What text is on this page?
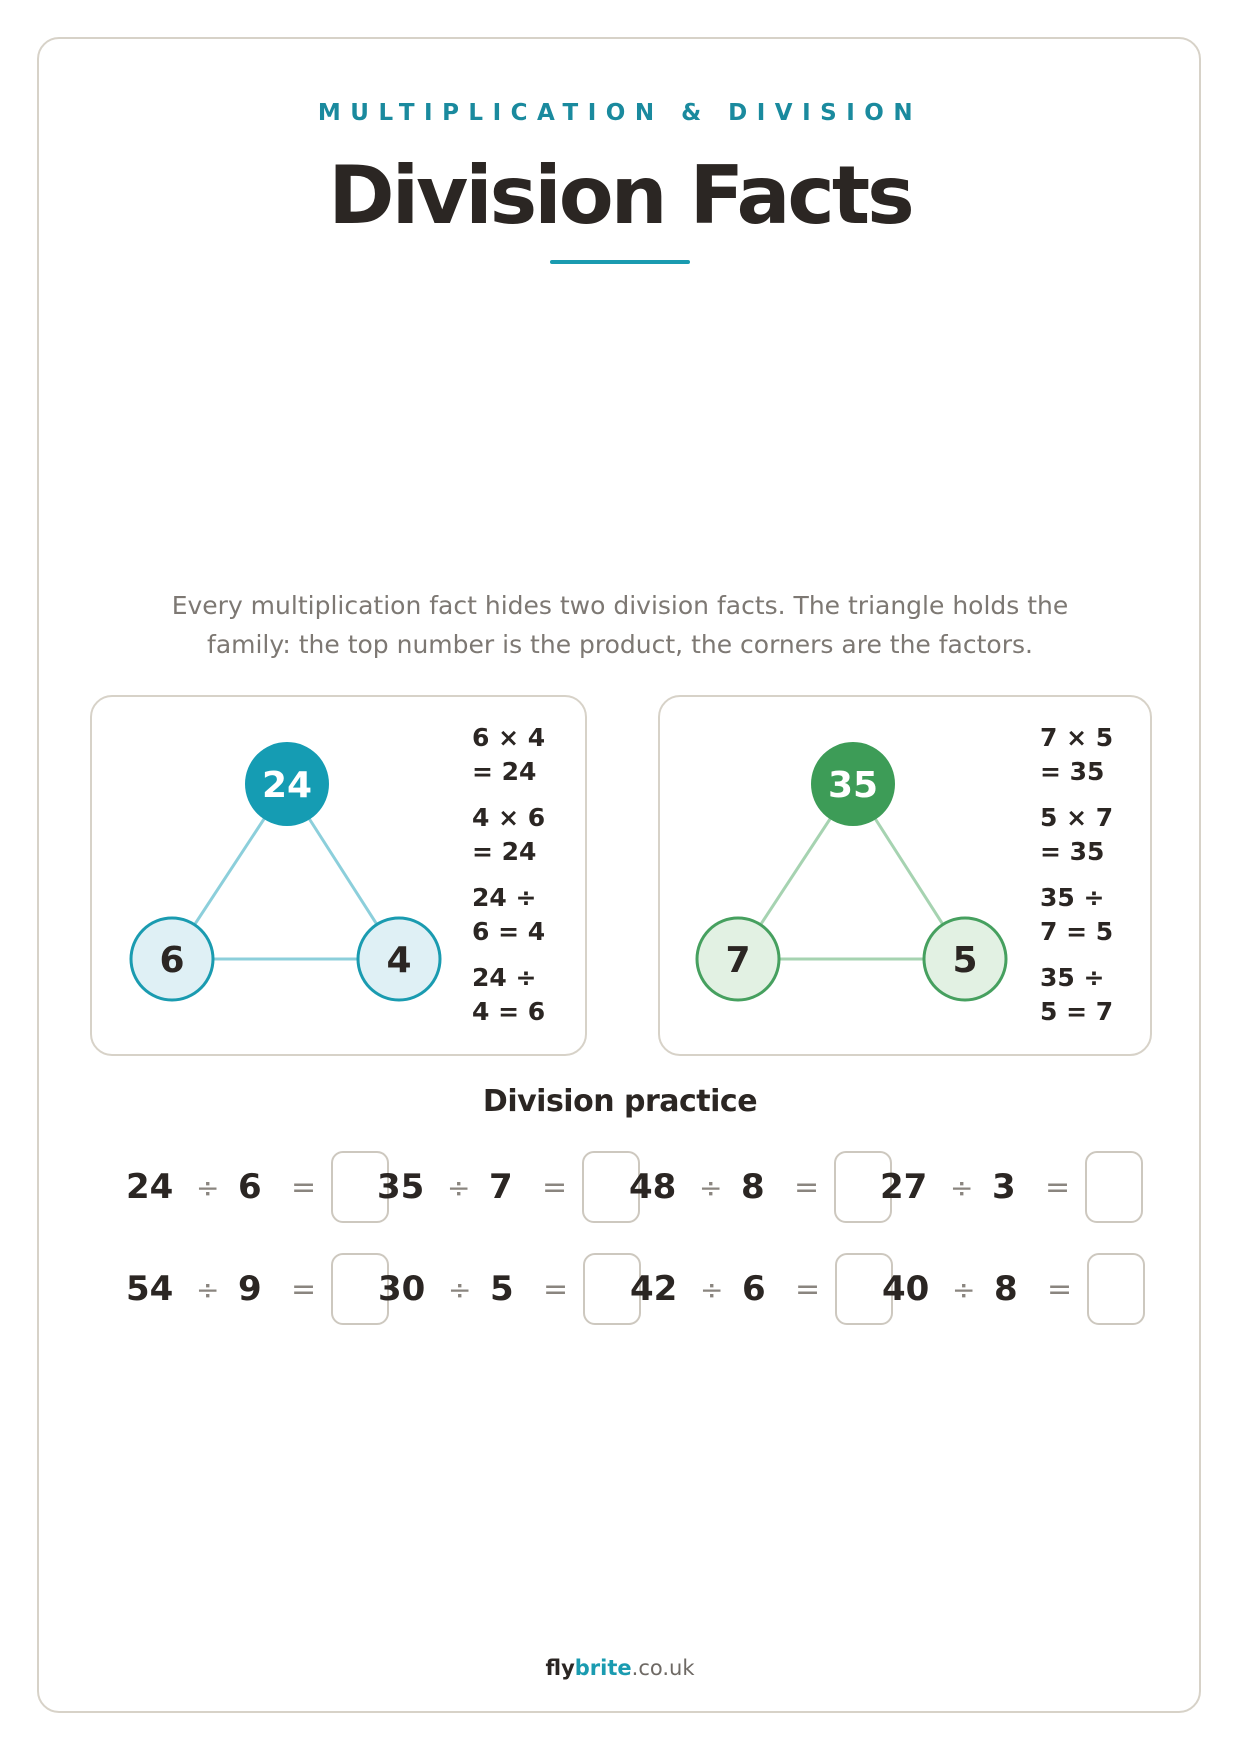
MULTIPLICATION & DIVISION
Division Facts
Every multiplication fact hides two division facts. The triangle holds the
family: the top number is the product, the corners are the factors.
24
6	4
6 × 4
= 24
4 × 6
= 24
24 ÷
6 = 4
24 ÷
4 = 6
35
7	5
7 × 5
= 35
5 × 7
= 35
35 ÷
7 = 5
35 ÷
5 = 7
Division practice
24 ÷ 6 =	35 ÷ 7 =	48 ÷ 8 =	27 ÷ 3 =
54 ÷ 9 =	30 ÷ 5 =	42 ÷ 6 =	40 ÷ 8 =
flybrite.co.uk
